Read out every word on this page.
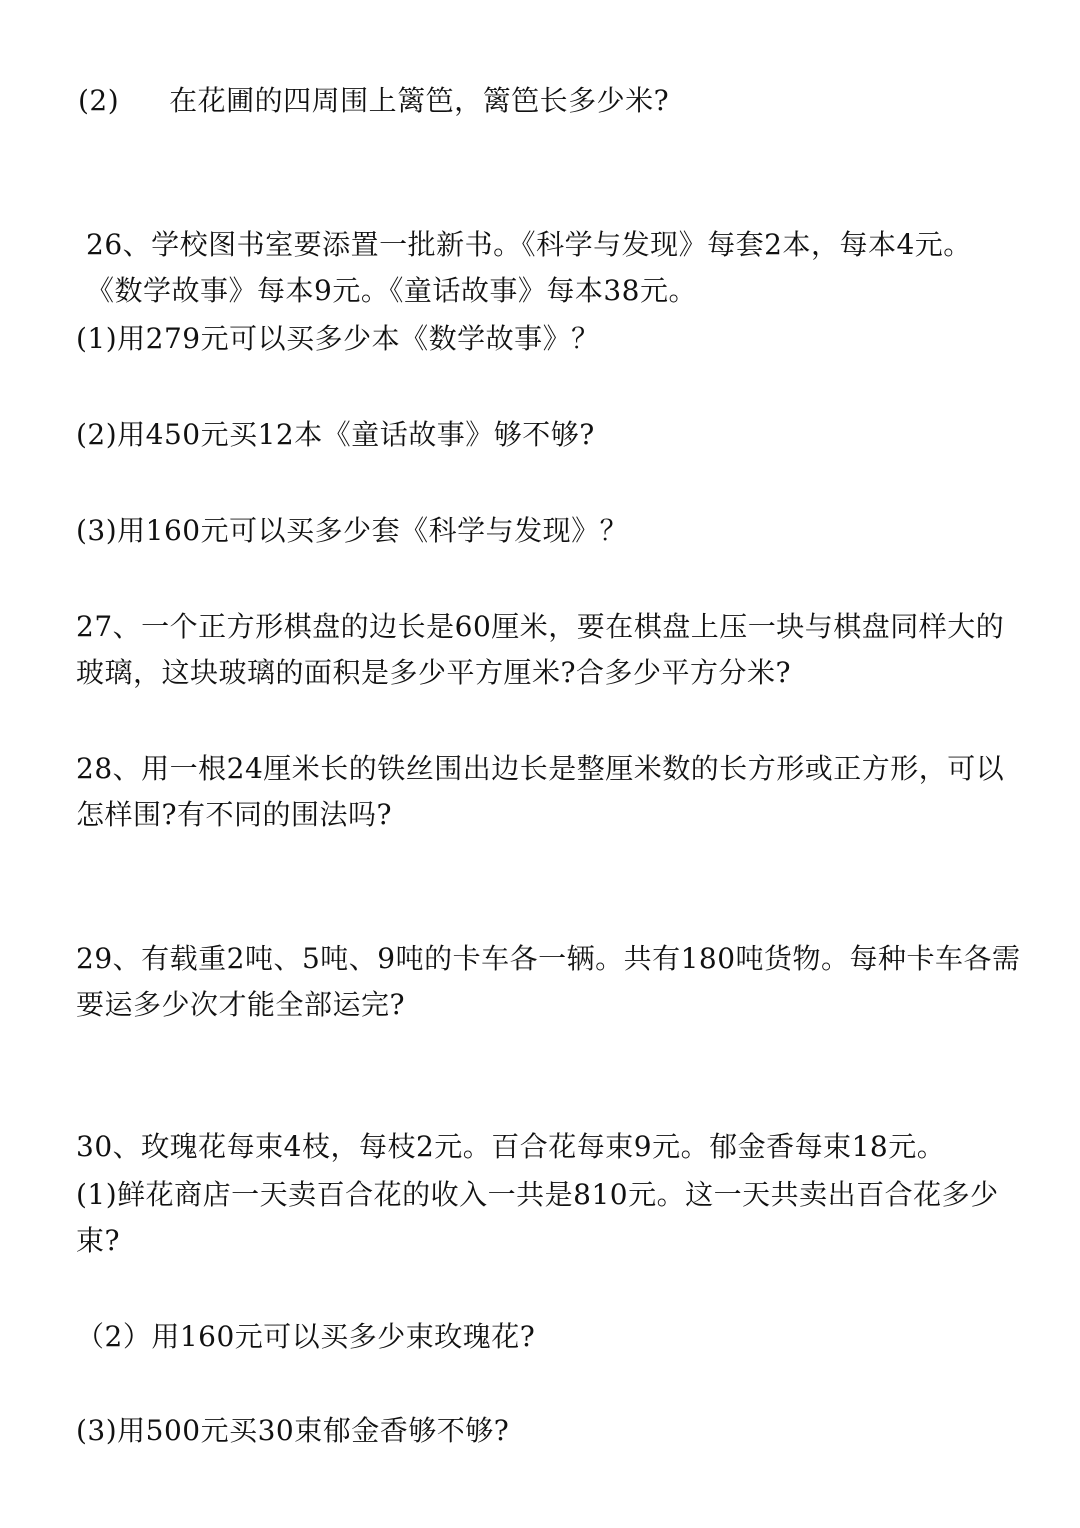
(2) 在花圃的四周围上篱笆，篱笆长多少米?
26、学校图书室要添置一批新书。《科学与发现》每套2本，每本4元。
《数学故事》每本9元。《童话故事》每本38元。
(1)用279元可以买多少本《数学故事》？
(2)用450元买12本《童话故事》够不够?
(3)用160元可以买多少套《科学与发现》？
27、一个正方形棋盘的边长是60厘米，要在棋盘上压一块与棋盘同样大的
玻璃，这块玻璃的面积是多少平方厘米?合多少平方分米?
28、用一根24厘米长的铁丝围出边长是整厘米数的长方形或正方形，可以
怎样围?有不同的围法吗?
29、有载重2吨、5吨、9吨的卡车各一辆。共有180吨货物。每种卡车各需
要运多少次才能全部运完?
30、玫瑰花每束4枝，每枝2元。百合花每束9元。郁金香每束18元。
(1)鲜花商店一天卖百合花的收入一共是810元。这一天共卖出百合花多少
束?
（2）用160元可以买多少束玫瑰花?
(3)用500元买30束郁金香够不够?
